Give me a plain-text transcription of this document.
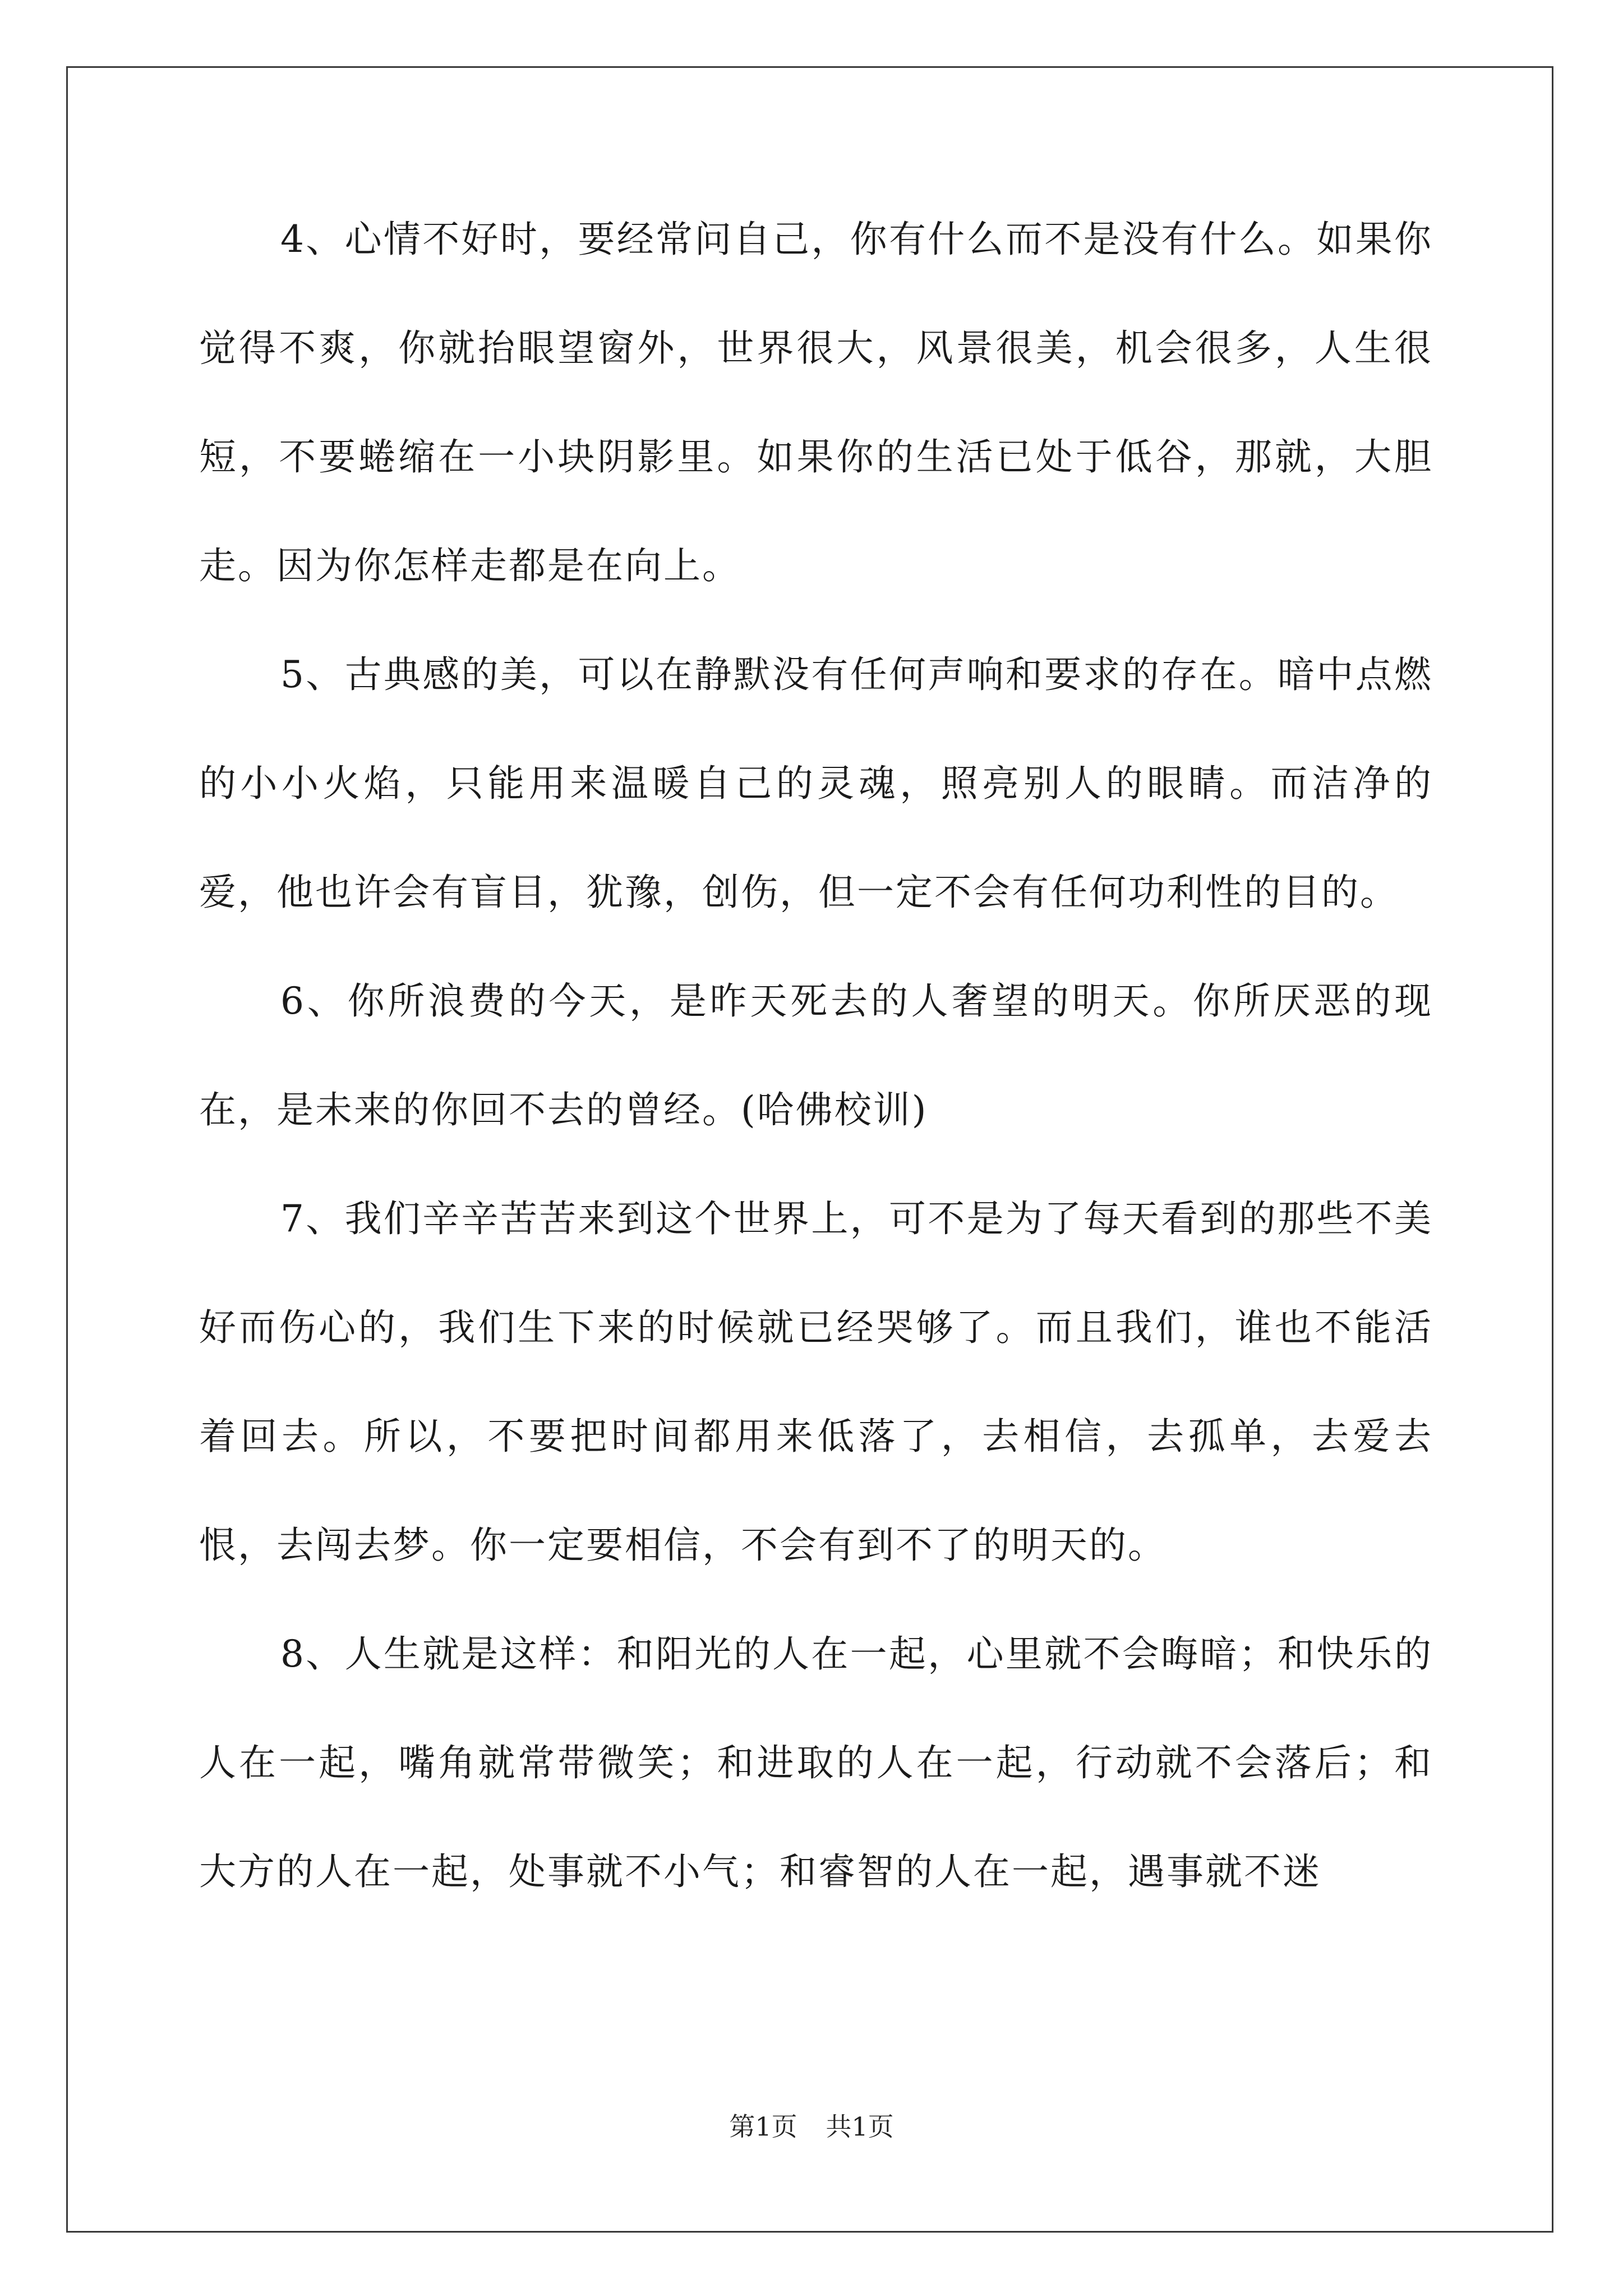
4、心情不好时，要经常问自己，你有什么而不是没有什么。如果你觉得不爽，你就抬眼望窗外，世界很大，风景很美，机会很多，人生很短，不要蜷缩在一小块阴影里。如果你的生活已处于低谷，那就，大胆走。因为你怎样走都是在向上。

5、古典感的美，可以在静默没有任何声响和要求的存在。暗中点燃的小小火焰，只能用来温暖自己的灵魂，照亮别人的眼睛。而洁净的爱，他也许会有盲目，犹豫，创伤，但一定不会有任何功利性的目的。

6、你所浪费的今天，是昨天死去的人奢望的明天。你所厌恶的现在，是未来的你回不去的曾经。(哈佛校训)

7、我们辛辛苦苦来到这个世界上，可不是为了每天看到的那些不美好而伤心的，我们生下来的时候就已经哭够了。而且我们，谁也不能活着回去。所以，不要把时间都用来低落了，去相信，去孤单，去爱去恨，去闯去梦。你一定要相信，不会有到不了的明天的。

8、人生就是这样：和阳光的人在一起，心里就不会晦暗；和快乐的人在一起，嘴角就常带微笑；和进取的人在一起，行动就不会落后；和大方的人在一起，处事就不小气；和睿智的人在一起，遇事就不迷

第1页 共1页
